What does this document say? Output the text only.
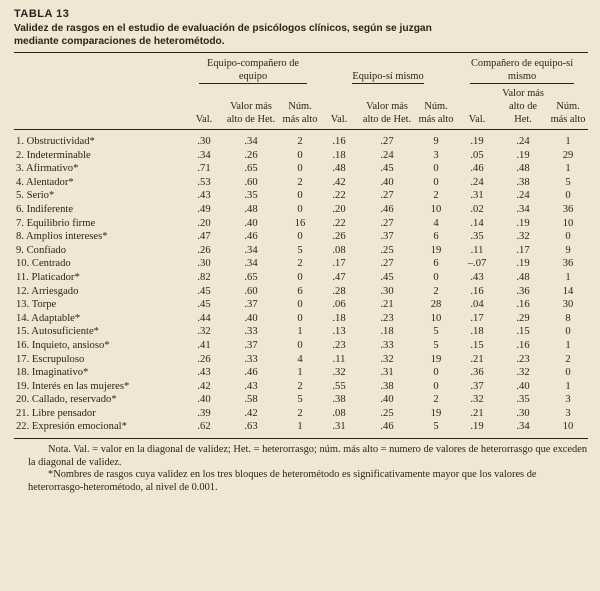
TABLA 13
Validez de rasgos en el estudio de evaluación de psicólogos clínicos, según se juzgan
mediante comparaciones de heterométodo.
	Equipo-compañero de equipo			Equipo-sí mismo			Compañero de equipo-sí mismo		
	Val.	Valor más alto de Het.	Núm. más alto	Val.	Valor más alto de Het.	Núm. más alto	Val.	Valor más alto de Het.	Núm. más alto
1. Obstructividad*	.30	.34	2	.16	.27	9	.19	.24	1
2. Indeterminable	.34	.26	0	.18	.24	3	.05	.19	29
3. Afirmativo*	.71	.65	0	.48	.45	0	.46	.48	1
4. Alentador*	.53	.60	2	.42	.40	0	.24	.38	5
5. Serio*	.43	.35	0	.22	.27	2	.31	.24	0
6. Indiferente	.49	.48	0	.20	.46	10	.02	.34	36
7. Equilibrio firme	.20	.40	16	.22	.27	4	.14	.19	10
8. Amplios intereses*	.47	.46	0	.26	.37	6	.35	.32	0
9. Confiado	.26	.34	5	.08	.25	19	.11	.17	9
10. Centrado	.30	.34	2	.17	.27	6	–.07	.19	36
11. Platicador*	.82	.65	0	.47	.45	0	.43	.48	1
12. Arriesgado	.45	.60	6	.28	.30	2	.16	.36	14
13. Torpe	.45	.37	0	.06	.21	28	.04	.16	30
14. Adaptable*	.44	.40	0	.18	.23	10	.17	.29	8
15. Autosuficiente*	.32	.33	1	.13	.18	5	.18	.15	0
16. Inquieto, ansioso*	.41	.37	0	.23	.33	5	.15	.16	1
17. Escrupuloso	.26	.33	4	.11	.32	19	.21	.23	2
18. Imaginativo*	.43	.46	1	.32	.31	0	.36	.32	0
19. Interés en las mujeres*	.42	.43	2	.55	.38	0	.37	.40	1
20. Callado, reservado*	.40	.58	5	.38	.40	2	.32	.35	3
21. Libre pensador	.39	.42	2	.08	.25	19	.21	.30	3
22. Expresión emocional*	.62	.63	1	.31	.46	5	.19	.34	10

Nota. Val. = valor en la diagonal de validez; Het. = heterorrasgo; núm. más alto = numero de valores de heterorrasgo que exceden la diagonal de validez.

*Nombres de rasgos cuya validez en los tres bloques de heterométodo es significativamente mayor que los valores de heterorrasgo-heterométodo, al nivel de 0.001.
